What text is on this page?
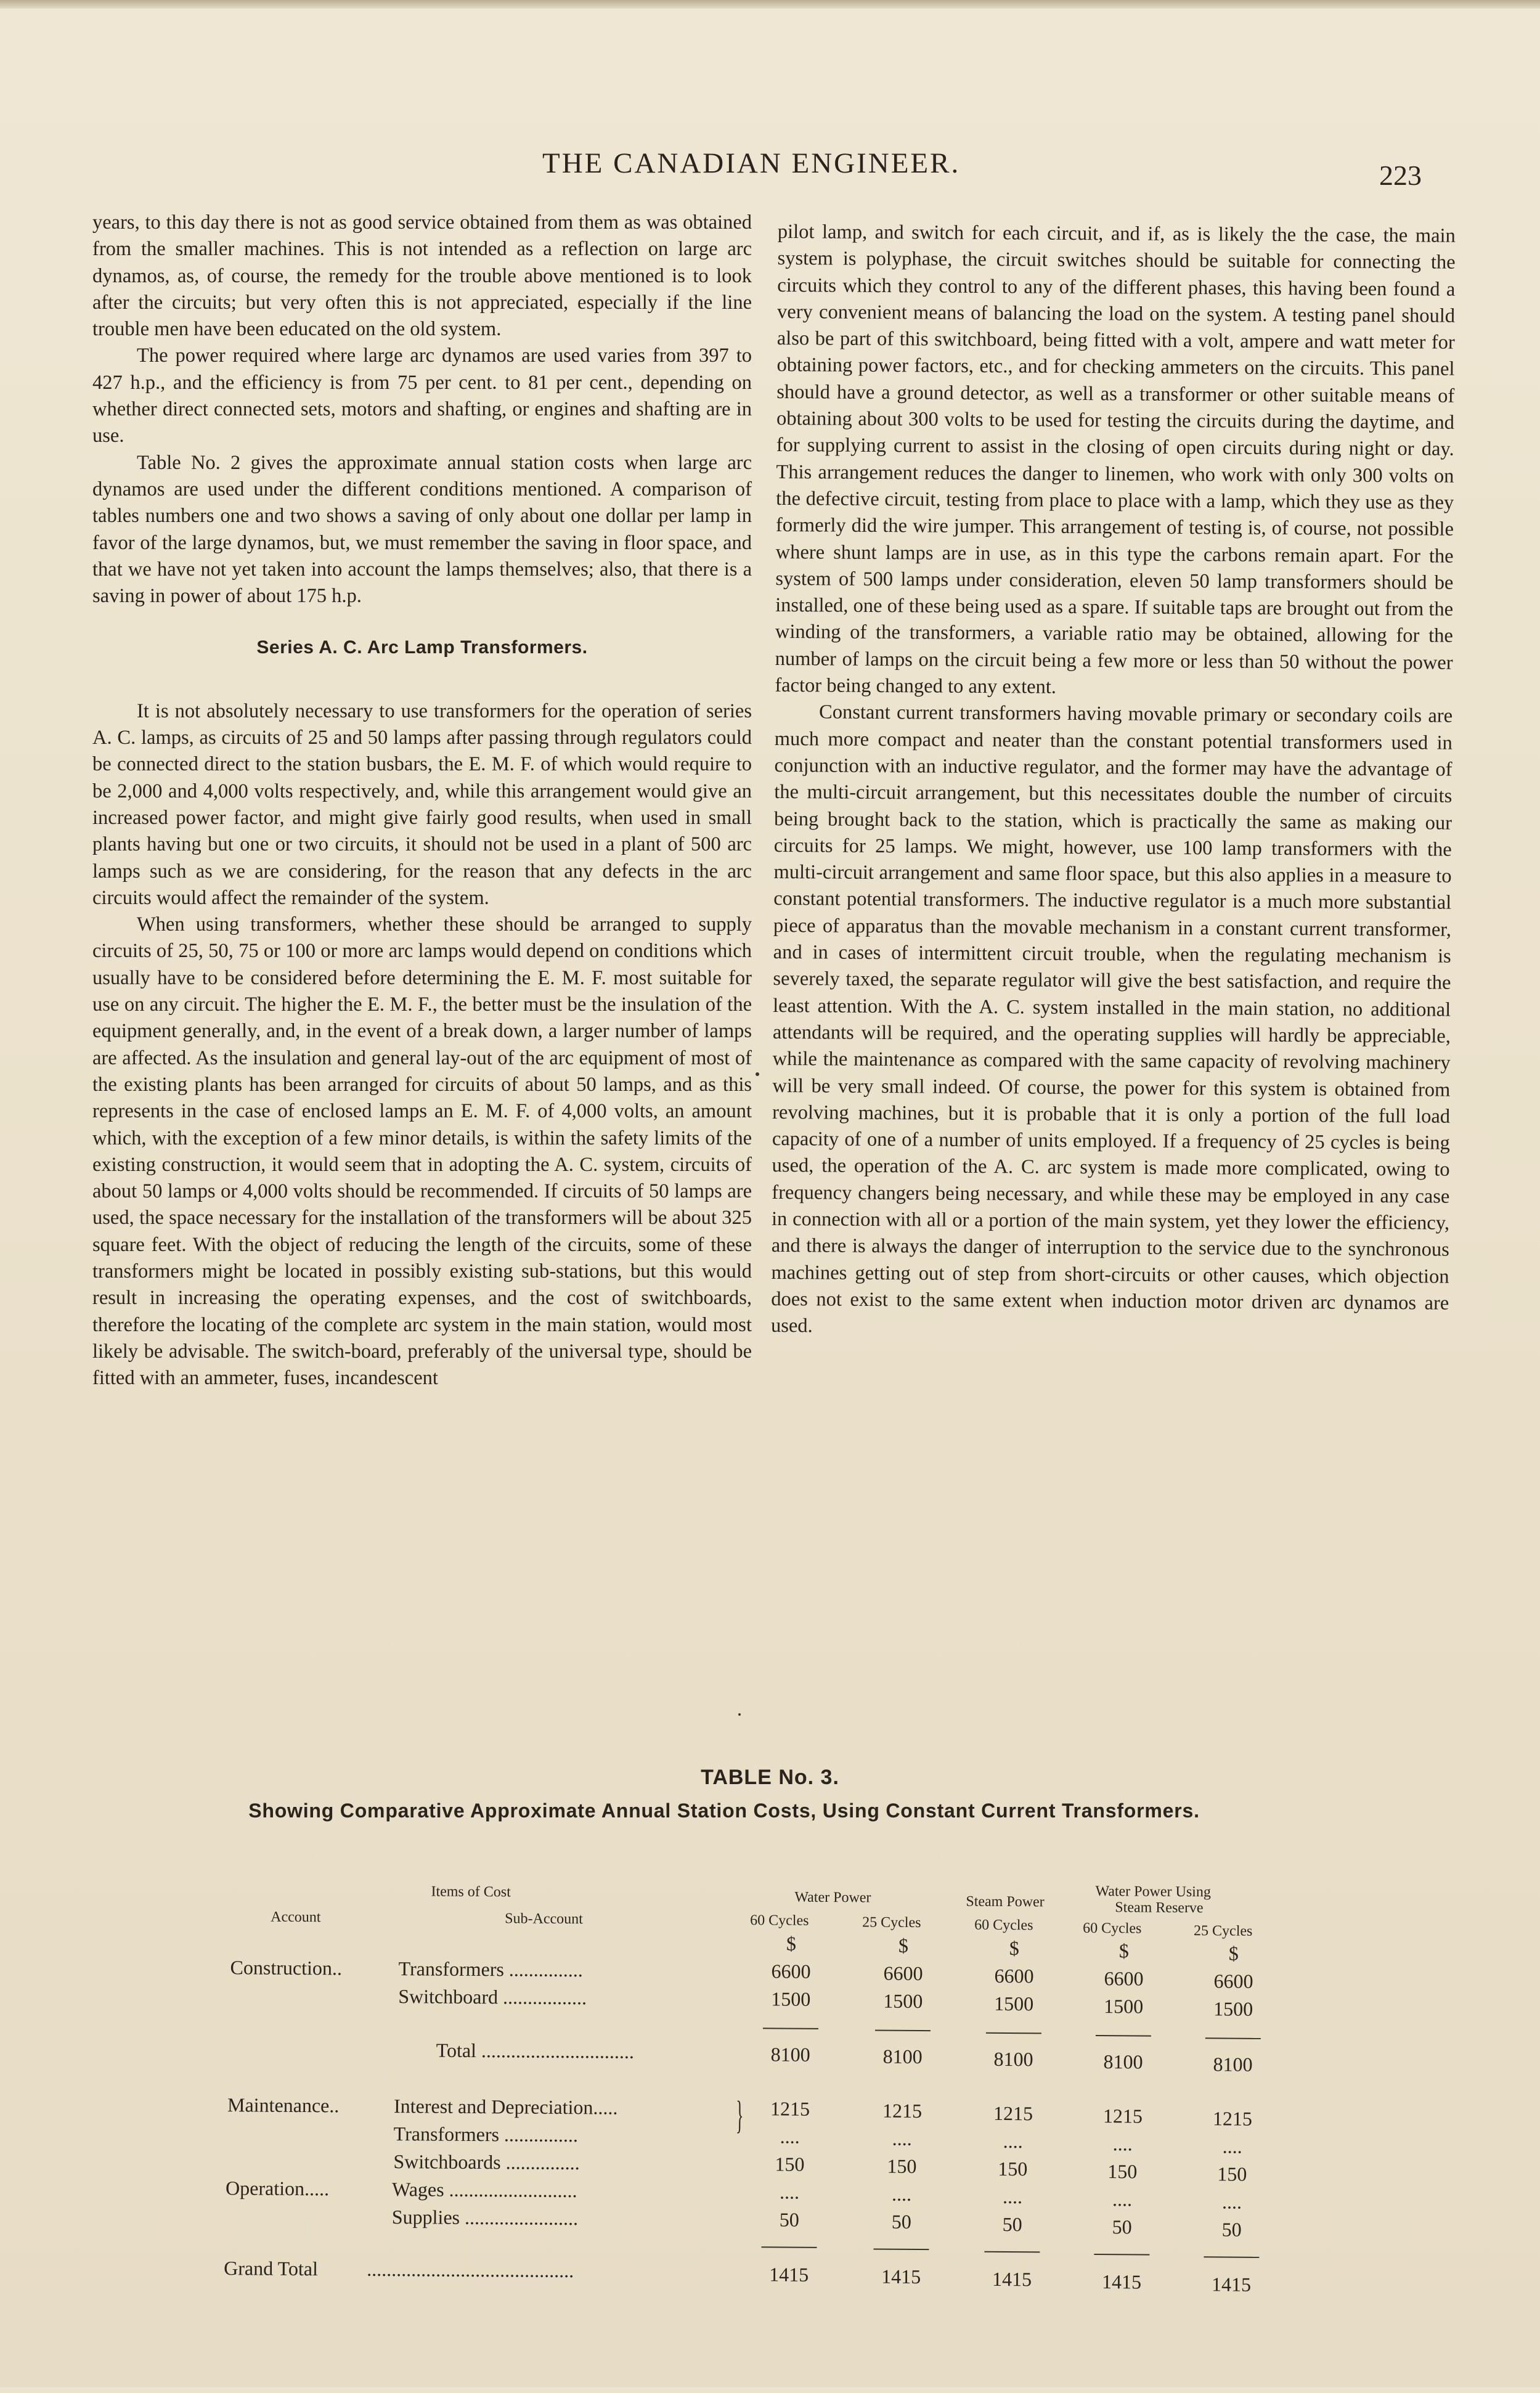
THE CANADIAN ENGINEER.	223

years, to this day there is not as good service obtained from them as was obtained from the smaller machines. This is not intended as a reflection on large arc dynamos, as, of course, the remedy for the trouble above mentioned is to look after the circuits; but very often this is not appreciated, especially if the line trouble men have been educated on the old system.

The power required where large arc dynamos are used varies from 397 to 427 h.p., and the efficiency is from 75 per cent. to 81 per cent., depending on whether direct connected sets, motors and shafting, or engines and shafting are in use.

Table No. 2 gives the approximate annual station costs when large arc dynamos are used under the different conditions mentioned. A comparison of tables numbers one and two shows a saving of only about one dollar per lamp in favor of the large dynamos, but, we must remember the saving in floor space, and that we have not yet taken into account the lamps themselves; also, that there is a saving in power of about 175 h.p.

Series A. C. Arc Lamp Transformers.

It is not absolutely necessary to use transformers for the operation of series A. C. lamps, as circuits of 25 and 50 lamps after passing through regulators could be connected direct to the station busbars, the E. M. F. of which would require to be 2,000 and 4,000 volts respectively, and, while this arrangement would give an increased power factor, and might give fairly good results, when used in small plants having but one or two circuits, it should not be used in a plant of 500 arc lamps such as we are considering, for the reason that any defects in the arc circuits would affect the remainder of the system.

When using transformers, whether these should be arranged to supply circuits of 25, 50, 75 or 100 or more arc lamps would depend on conditions which usually have to be considered before determining the E. M. F. most suitable for use on any circuit. The higher the E. M. F., the better must be the insulation of the equipment generally, and, in the event of a break down, a larger number of lamps are affected. As the insulation and general lay-out of the arc equipment of most of the existing plants has been arranged for circuits of about 50 lamps, and as this represents in the case of enclosed lamps an E. M. F. of 4,000 volts, an amount which, with the exception of a few minor details, is within the safety limits of the existing construction, it would seem that in adopting the A. C. system, circuits of about 50 lamps or 4,000 volts should be recommended. If circuits of 50 lamps are used, the space necessary for the installation of the transformers will be about 325 square feet. With the object of reducing the length of the circuits, some of these transformers might be located in possibly existing sub-stations, but this would result in increasing the operating expenses, and the cost of switchboards, therefore the locating of the complete arc system in the main station, would most likely be advisable. The switch-board, preferably of the universal type, should be fitted with an ammeter, fuses, incandescent

pilot lamp, and switch for each circuit, and if, as is likely the the case, the main system is polyphase, the circuit switches should be suitable for connecting the circuits which they control to any of the different phases, this having been found a very convenient means of balancing the load on the system. A testing panel should also be part of this switchboard, being fitted with a volt, ampere and watt meter for obtaining power factors, etc., and for checking ammeters on the circuits. This panel should have a ground detector, as well as a transformer or other suitable means of obtaining about 300 volts to be used for testing the circuits during the daytime, and for supplying current to assist in the closing of open circuits during night or day. This arrangement reduces the danger to linemen, who work with only 300 volts on the defective circuit, testing from place to place with a lamp, which they use as they formerly did the wire jumper. This arrangement of testing is, of course, not possible where shunt lamps are in use, as in this type the carbons remain apart. For the system of 500 lamps under consideration, eleven 50 lamp transformers should be installed, one of these being used as a spare. If suitable taps are brought out from the winding of the transformers, a variable ratio may be obtained, allowing for the number of lamps on the circuit being a few more or less than 50 without the power factor being changed to any extent.

Constant current transformers having movable primary or secondary coils are much more compact and neater than the constant potential transformers used in conjunction with an inductive regulator, and the former may have the advantage of the multi-circuit arrangement, but this necessitates double the number of circuits being brought back to the station, which is practically the same as making our circuits for 25 lamps. We might, however, use 100 lamp transformers with the multi-circuit arrangement and same floor space, but this also applies in a measure to constant potential transformers. The inductive regulator is a much more substantial piece of apparatus than the movable mechanism in a constant current transformer, and in cases of intermittent circuit trouble, when the regulating mechanism is severely taxed, the separate regulator will give the best satisfaction, and require the least attention. With the A. C. system installed in the main station, no additional attendants will be required, and the operating supplies will hardly be appreciable, while the maintenance as compared with the same capacity of revolving machinery will be very small indeed. Of course, the power for this system is obtained from revolving machines, but it is probable that it is only a portion of the full load capacity of one of a number of units employed. If a frequency of 25 cycles is being used, the operation of the A. C. arc system is made more complicated, owing to frequency changers being necessary, and while these may be employed in any case in connection with all or a portion of the main system, yet they lower the efficiency, and there is always the danger of interruption to the service due to the synchronous machines getting out of step from short-circuits or other causes, which objection does not exist to the same extent when induction motor driven arc dynamos are used.

TABLE No. 3.
Showing Comparative Approximate Annual Station Costs, Using Constant Current Transformers.
Items of Cost
Account	Sub-Account
Water Power	Steam Power
Water Power Using
Steam Reserve
60 Cycles	25 Cycles	60 Cycles	60 Cycles	25 Cycles
$	$	$	$	$
Construction..	Transformers ...............	6600	6600	6600	6600	6600
Switchboard .................	1500	1500	1500	1500	1500
Total ...............................	8100	8100	8100	8100	8100
Maintenance..	Interest and Depreciation.....	}	1215	1215	1215	1215	1215
Transformers ...............	....	....	....	....	....
Switchboards ...............	150	150	150	150	150
Operation.....	Wages ..........................	....	....	....	....	....
Supplies .......................	50	50	50	50	50
Grand Total ..........................................	1415	1415	1415	1415	1415
